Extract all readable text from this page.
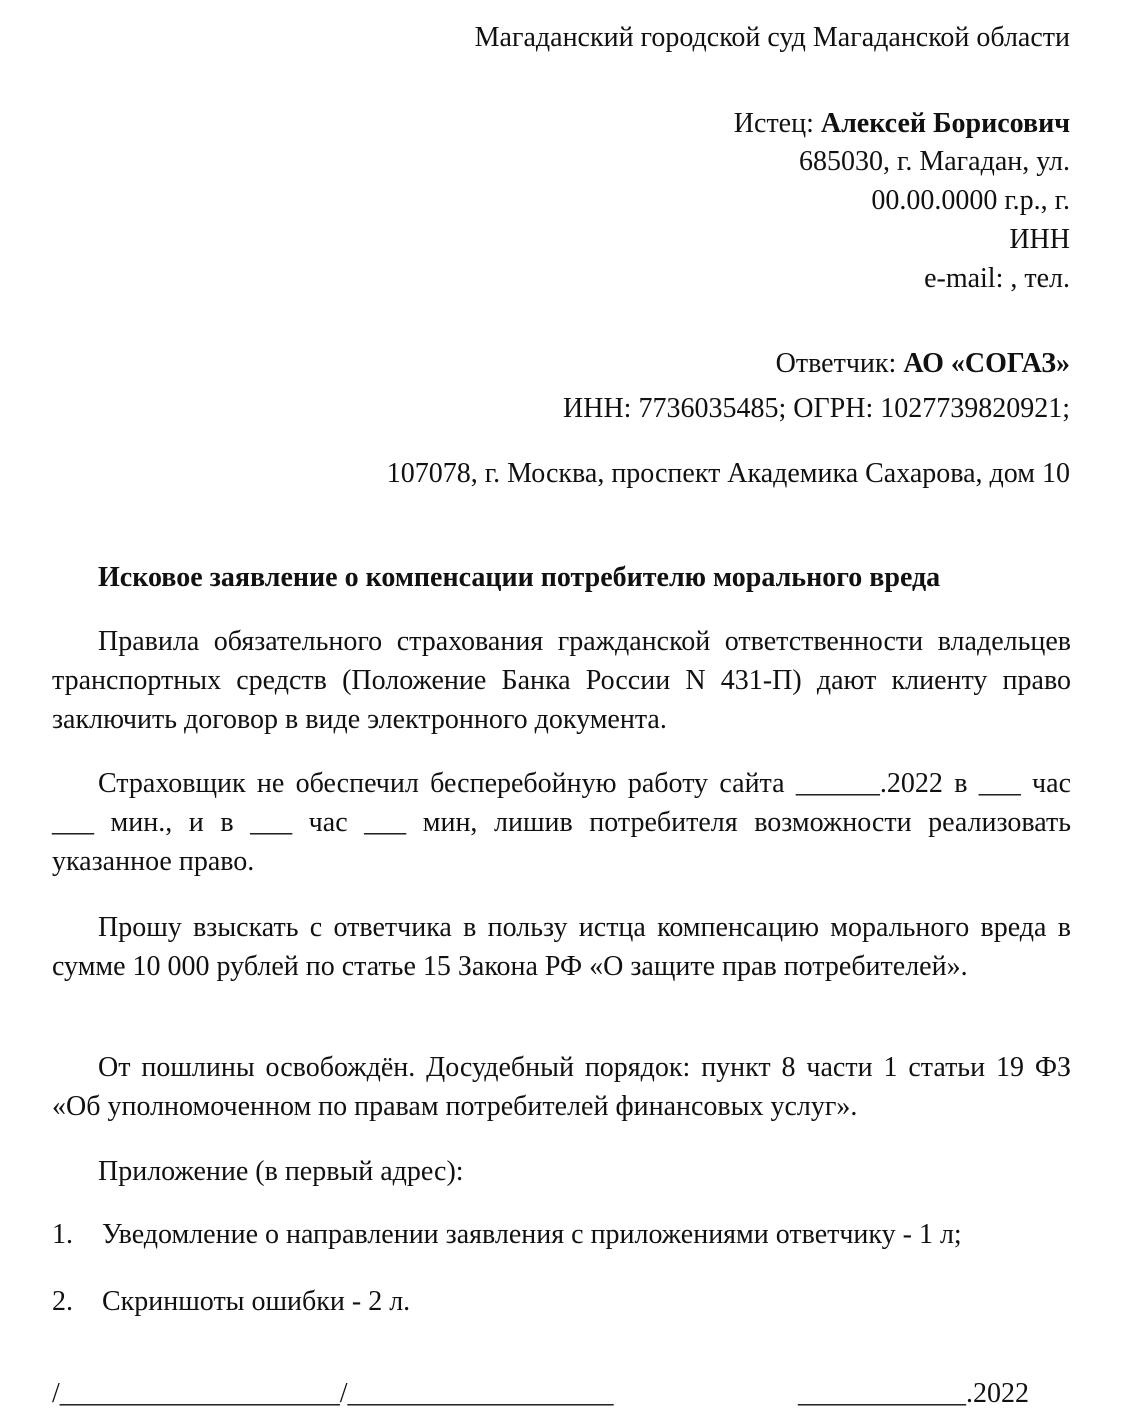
Магаданский городской суд Магаданской области
Истец: Алексей Борисович
685030, г. Магадан, ул.
00.00.0000 г.р., г.
ИНН
e-mail: , тел.
Ответчик: АО «СОГАЗ»
ИНН: 7736035485; ОГРН: 1027739820921;
107078, г. Москва, проспект Академика Сахарова, дом 10
Исковое заявление о компенсации потребителю морального вреда

Правила обязательного страхования гражданской ответственности владельцев транспортных средств (Положение Банка России N 431-П) дают клиенту право заключить договор в виде электронного документа.

Страховщик не обеспечил бесперебойную работу сайта ______.2022 в ___ час ___ мин., и в ___ час ___ мин, лишив потребителя возможности реализовать указанное право.

Прошу взыскать с ответчика в пользу истца компенсацию морального вреда в сумме 10 000 рублей по статье 15 Закона РФ «О защите прав потребителей».

От пошлины освобождён. Досудебный порядок: пункт 8 части 1 статьи 19 ФЗ «Об уполномоченном по правам потребителей финансовых услуг».

Приложение (в первый адрес):
1. Уведомление о направлении заявления с приложениями ответчику - 1 л;
2. Скриншоты ошибки - 2 л.
/____________________/___________________	____________.2022
